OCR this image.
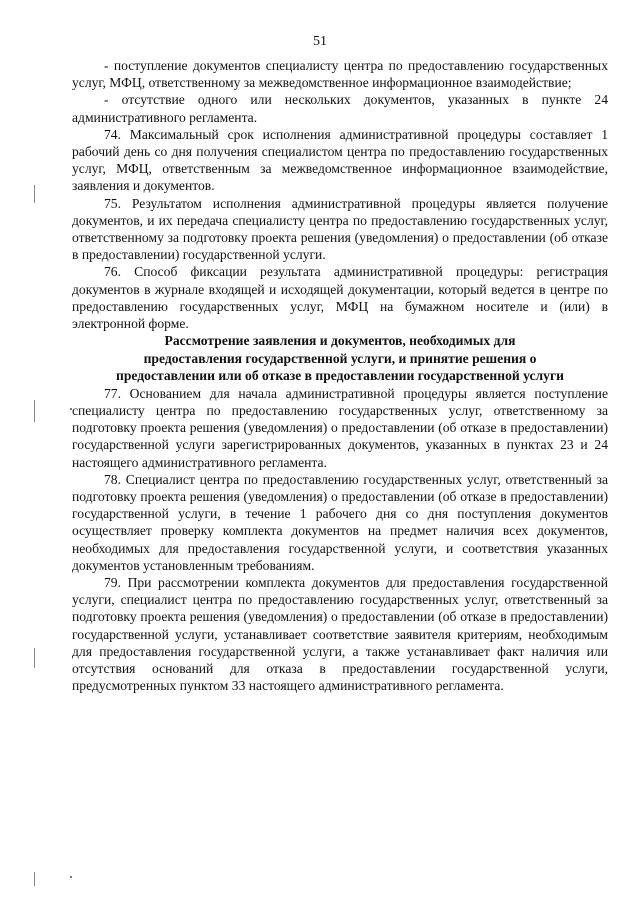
51

- поступление документов специалисту центра по предоставлению государственных услуг, МФЦ, ответственному за межведомственное информационное взаимодействие;

- отсутствие одного или нескольких документов, указанных в пункте 24 административного регламента.

74. Максимальный срок исполнения административной процедуры составляет 1 рабочий день со дня получения специалистом центра по предоставлению государственных услуг, МФЦ, ответственным за межведомственное информационное взаимодействие, заявления и документов.

75. Результатом исполнения административной процедуры является получение документов, и их передача специалисту центра по предоставлению государственных услуг, ответственному за подготовку проекта решения (уведомления) о предоставлении (об отказе в предоставлении) государственной услуги.

76. Способ фиксации результата административной процедуры: регистрация документов в журнале входящей и исходящей документации, который ведется в центре по предоставлению государственных услуг, МФЦ на бумажном носителе и (или) в электронной форме.

Рассмотрение заявления и документов, необходимых для
предоставления государственной услуги, и принятие решения о
предоставлении или об отказе в предоставлении государственной услуги

77. Основанием для начала административной процедуры является поступление специалисту центра по предоставлению государственных услуг, ответственному за подготовку проекта решения (уведомления) о предоставлении (об отказе в предоставлении) государственной услуги зарегистрированных документов, указанных в пунктах 23 и 24 настоящего административного регламента.

78. Специалист центра по предоставлению государственных услуг, ответственный за подготовку проекта решения (уведомления) о предоставлении (об отказе в предоставлении) государственной услуги, в течение 1 рабочего дня со дня поступления документов осуществляет проверку комплекта документов на предмет наличия всех документов, необходимых для предоставления государственной услуги, и соответствия указанных документов установленным требованиям.

79. При рассмотрении комплекта документов для предоставления государственной услуги, специалист центра по предоставлению государственных услуг, ответственный за подготовку проекта решения (уведомления) о предоставлении (об отказе в предоставлении) государственной услуги, устанавливает соответствие заявителя критериям, необходимым для предоставления государственной услуги, а также устанавливает факт наличия или отсутствия оснований для отказа в предоставлении государственной услуги, предусмотренных пунктом 33 настоящего административного регламента.
